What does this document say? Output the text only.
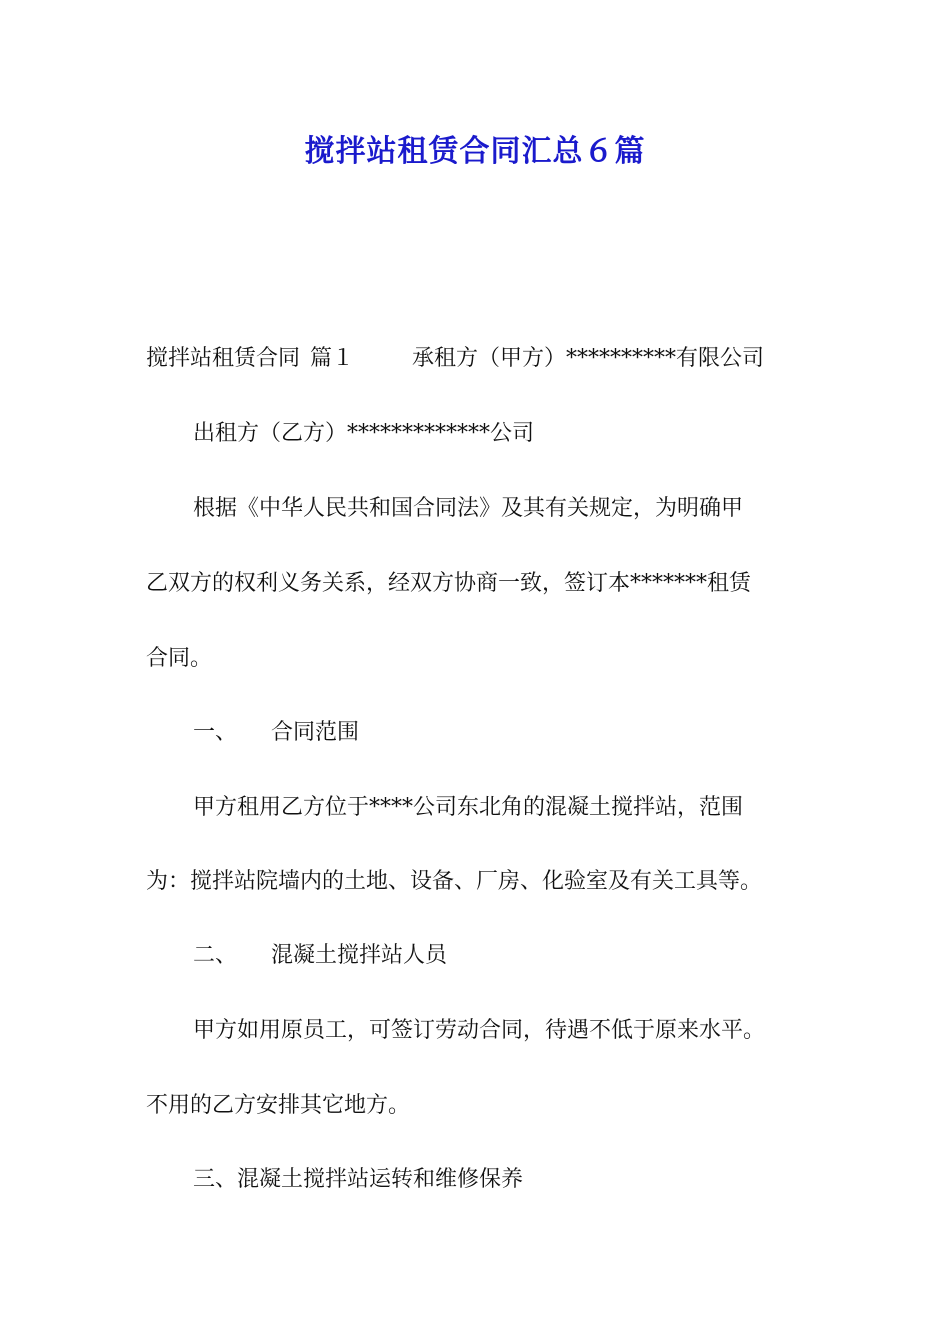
搅拌站租赁合同汇总６篇
搅拌站租赁合同 篇１	承租方（甲方）**********有限公司
出租方（乙方）*************公司
根据《中华人民共和国合同法》及其有关规定，为明确甲
乙双方的权利义务关系，经双方协商一致，签订本*******租赁
合同。
一、 合同范围
甲方租用乙方位于****公司东北角的混凝土搅拌站，范围
为：搅拌站院墙内的土地、设备、厂房、化验室及有关工具等。
二、 混凝土搅拌站人员
甲方如用原员工，可签订劳动合同，待遇不低于原来水平。
不用的乙方安排其它地方。
三、混凝土搅拌站运转和维修保养
